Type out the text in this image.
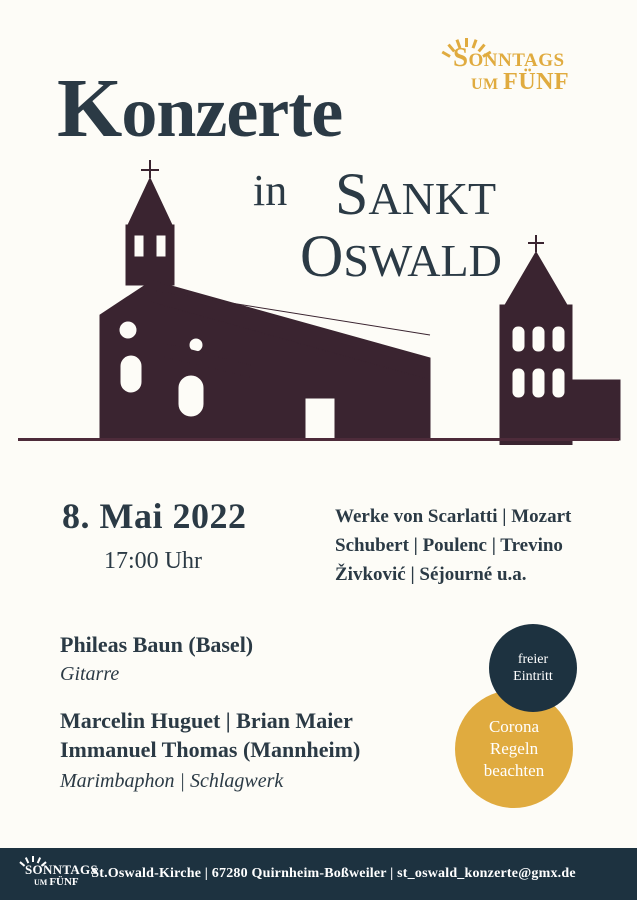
SONNTAGS
UM FÜNF
Konzerte
in SANKT
OSWALD
8. Mai 2022
17:00 Uhr
Werke von Scarlatti | Mozart Schubert | Poulenc | Trevino Živković | Séjourné u.a.
Phileas Baun (Basel)
Gitarre
Marcelin Huguet | Brian Maier
Immanuel Thomas (Mannheim)
Marimbaphon | Schlagwerk
Corona
Regeln
beachten
freier
Eintritt
SONNTAGS
UM FÜNF
St.Oswald-Kirche | 67280 Quirnheim-Boßweiler | st_oswald_konzerte@gmx.de
